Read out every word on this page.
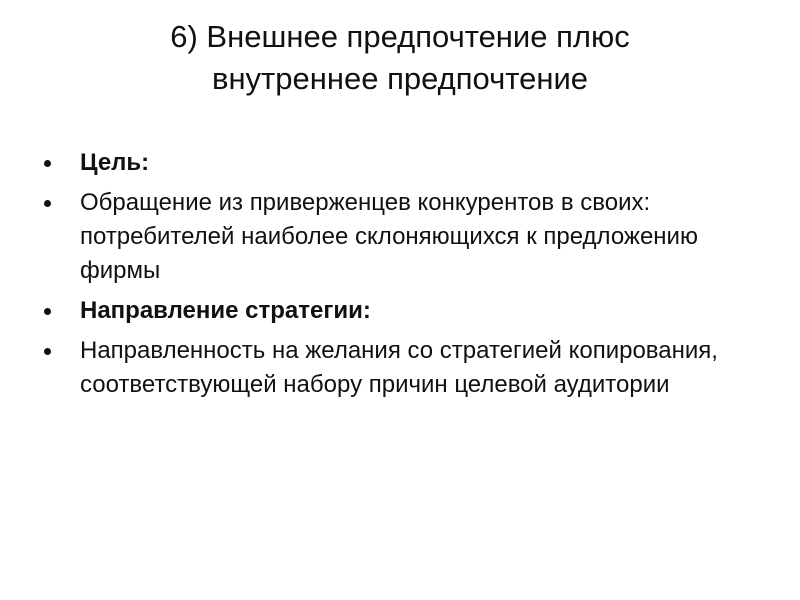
6) Внешнее предпочтение плюс
внутреннее предпочтение
Цель:
Обращение из приверженцев конкурентов в своих: потребителей наиболее склоняющихся к предложению фирмы
Направление стратегии:
Направленность на желания со стратегией копирования, соответствующей набору причин целевой аудитории
